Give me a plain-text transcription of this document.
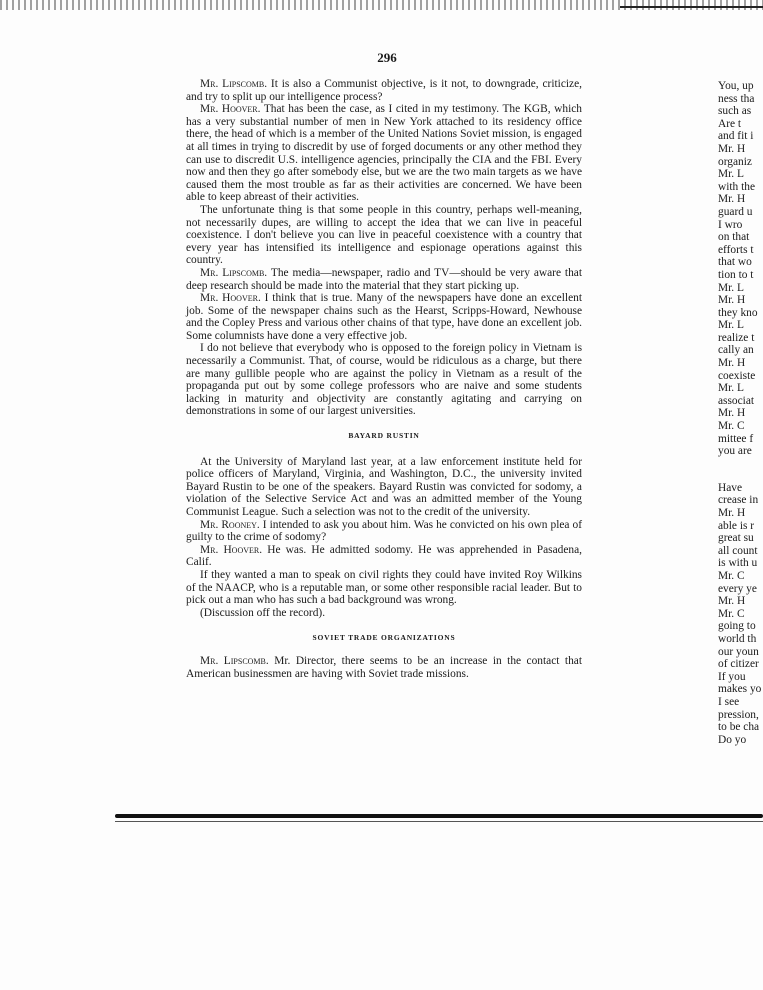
296

Mr. Lipscomb. It is also a Communist objective, is it not, to downgrade, criticize, and try to split up our intelligence process?

Mr. Hoover. That has been the case, as I cited in my testimony. The KGB, which has a very substantial number of men in New York attached to its residency office there, the head of which is a member of the United Nations Soviet mission, is engaged at all times in trying to discredit by use of forged documents or any other method they can use to discredit U.S. intelligence agencies, principally the CIA and the FBI. Every now and then they go after somebody else, but we are the two main targets as we have caused them the most trouble as far as their activities are concerned. We have been able to keep abreast of their activities.

The unfortunate thing is that some people in this country, perhaps well-meaning, not necessarily dupes, are willing to accept the idea that we can live in peaceful coexistence. I don't believe you can live in peaceful coexistence with a country that every year has intensified its intelligence and espionage operations against this country.

Mr. Lipscomb. The media—newspaper, radio and TV—should be very aware that deep research should be made into the material that they start picking up.

Mr. Hoover. I think that is true. Many of the newspapers have done an excellent job. Some of the newspaper chains such as the Hearst, Scripps-Howard, Newhouse and the Copley Press and various other chains of that type, have done an excellent job. Some columnists have done a very effective job.

I do not believe that everybody who is opposed to the foreign policy in Vietnam is necessarily a Communist. That, of course, would be ridiculous as a charge, but there are many gullible people who are against the policy in Vietnam as a result of the propaganda put out by some college professors who are naive and some students lacking in maturity and objectivity are constantly agitating and carrying on demonstrations in some of our largest universities.

BAYARD RUSTIN

At the University of Maryland last year, at a law enforcement institute held for police officers of Maryland, Virginia, and Washington, D.C., the university invited Bayard Rustin to be one of the speakers. Bayard Rustin was convicted for sodomy, a violation of the Selective Service Act and was an admitted member of the Young Communist League. Such a selection was not to the credit of the university.

Mr. Rooney. I intended to ask you about him. Was he convicted on his own plea of guilty to the crime of sodomy?

Mr. Hoover. He was. He admitted sodomy. He was apprehended in Pasadena, Calif.

If they wanted a man to speak on civil rights they could have invited Roy Wilkins of the NAACP, who is a reputable man, or some other responsible racial leader. But to pick out a man who has such a bad background was wrong.

(Discussion off the record).

SOVIET TRADE ORGANIZATIONS

Mr. Lipscomb. Mr. Director, there seems to be an increase in the contact that American businessmen are having with Soviet trade missions.

You, up
ness tha
such as
Are t
and fit i
Mr. H
organiz
Mr. L
with the
Mr. H
guard u
I wro
on that
efforts t
that wo
tion to t
Mr. L
Mr. H
they kno
Mr. L
realize t
cally an
Mr. H
coexiste
Mr. L
associat
Mr. H
Mr. C
mittee f
you are
Have
crease in
Mr. H
able is r
great su
all count
is with u
Mr. C
every ye
Mr. H
Mr. C
going to
world th
our youn
of citizer
If you
makes yo
I see
pression,
to be cha
Do yo
